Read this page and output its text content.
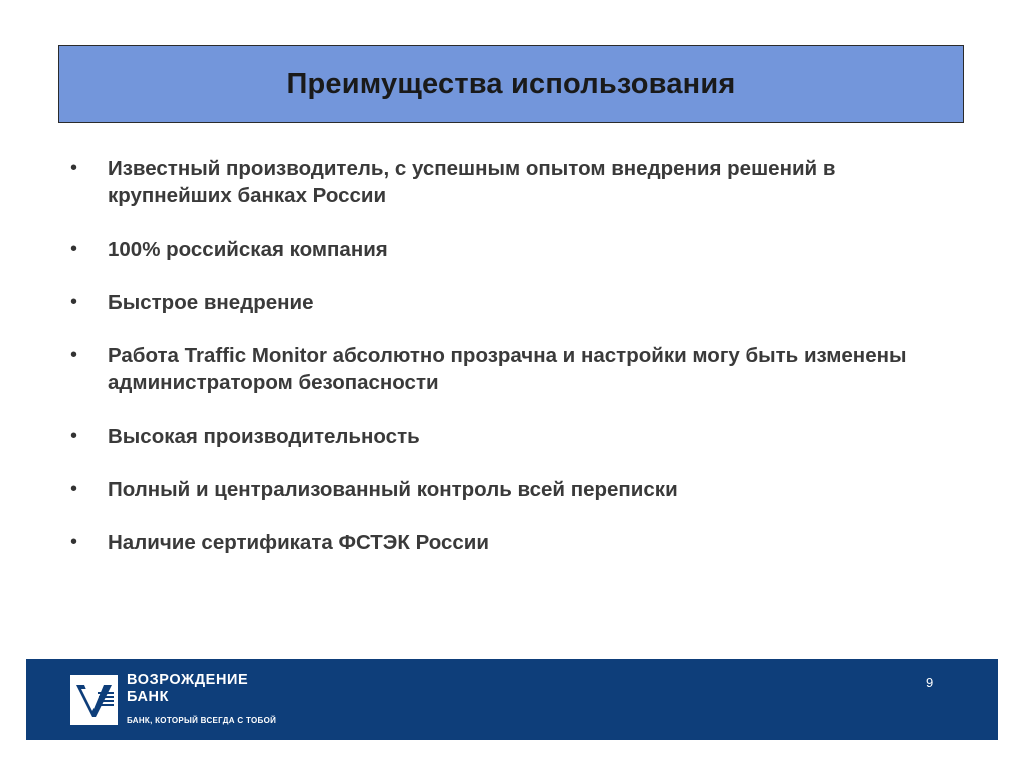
Преимущества использования
•	Известный производитель, с успешным опытом внедрения решений в крупнейших банках России
•	100% российская компания
•	Быстрое внедрение
•	Работа Traffic Monitor абсолютно прозрачна и настройки могу быть изменены администратором безопасности
•	Высокая производительность
•	Полный и централизованный контроль всей переписки
•	Наличие сертификата ФСТЭК России
ВОЗРОЖДЕНИЕ
БАНК
БАНК, КОТОРЫЙ ВСЕГДА С ТОБОЙ
9
